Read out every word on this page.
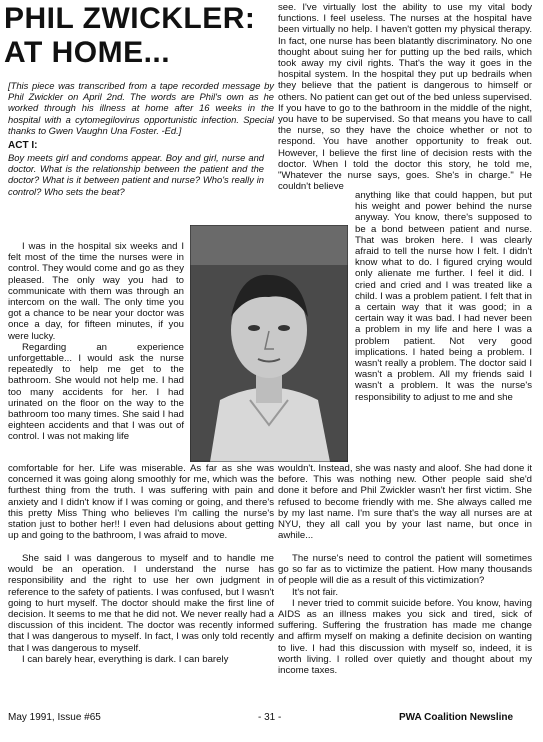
PHIL ZWICKLER:
AT HOME...
[This piece was transcribed from a tape recorded message by Phil Zwickler on April 2nd. The words are Phil's own as he worked through his illness at home after 16 weeks in the hospital with a cytomegilovirus opportunistic infection. Special thanks to Gwen Vaughn Una Foster. -Ed.]
ACT I:
Boy meets girl and condoms appear. Boy and girl, nurse and doctor. What is the relationship between the patient and the doctor? What is it between patient and nurse? Who's really in control? Who sets the beat?

I was in the hospital six weeks and I felt most of the time the nurses were in control. They would come and go as they pleased. The only way you had to communicate with them was through an intercom on the wall. The only time you got a chance to be near your doctor was once a day, for fifteen minutes, if you were lucky.

Regarding an experience unforgettable... I would ask the nurse repeatedly to help me get to the bathroom. She would not help me. I had too many accidents for her. I had urinated on the floor on the way to the bathroom too many times. She said I had eighteen accidents and that I was out of control. I was not making life

see. I've virtually lost the ability to use my vital body functions. I feel useless. The nurses at the hospital have been virtually no help. I haven't gotten my physical therapy. In fact, one nurse has been blatantly discriminatory. No one thought about suing her for putting up the bed rails, which took away my civil rights. That's the way it goes in the hospital system. In the hospital they put up bedrails when they believe that the patient is dangerous to himself or others. No patient can get out of the bed unless supervised. If you have to go to the bathroom in the middle of the night, you have to be supervised. So that means you have to call the nurse, so they have the choice whether or not to respond. You have another opportunity to freak out. However, I believe the first line of decision rests with the doctor. When I told the doctor this story, he told me, "Whatever the nurse says, goes. She's in charge." He couldn't believe

anything like that could happen, but put his weight and power behind the nurse anyway. You know, there's supposed to be a bond between patient and nurse. That was broken here. I was clearly afraid to tell the nurse how I felt. I didn't know what to do. I figured crying would only alienate me further. I feel it did. I cried and cried and I was treated like a child. I was a problem patient. I felt that in a certain way that it was good; in a certain way it was bad. I had never been a problem in my life and here I was a problem patient. Not very good implications. I hated being a problem. I wasn't really a problem. The doctor said I wasn't a problem. All my friends said I wasn't a problem. It was the nurse's responsibility to adjust to me and she

comfortable for her. Life was miserable. As far as she was concerned it was going along smoothly for me, which was the furthest thing from the truth. I was suffering with pain and anxiety and I didn't know if I was coming or going, and there's this pretty Miss Thing who believes I'm calling the nurse's station just to bother her!! I even had delusions about getting up and going to the bathroom, I was afraid to move.

wouldn't. Instead, she was nasty and aloof. She had done it before. This was nothing new. Other people said she'd done it before and Phil Zwickler wasn't her first victim. She refused to become friendly with me. She always called me by my last name. I'm sure that's the way all nurses are at NYU, they all call you by your last name, but once in awhile...

She said I was dangerous to myself and to handle me would be an operation. I understand the nurse has responsibility and the right to use her own judgment in reference to the safety of patients. I was confused, but I wasn't going to hurt myself. The doctor should make the first line of decision. It seems to me that he did not. We never really had a discussion of this incident. The doctor was recently informed that I was dangerous to myself. In fact, I was only told recently that I was dangerous to myself.

I can barely hear, everything is dark. I can barely

The nurse's need to control the patient will sometimes go so far as to victimize the patient. How many thousands of people will die as a result of this victimization?

It's not fair.

I never tried to commit suicide before. You know, having AIDS as an illness makes you sick and tired, sick of suffering. Suffering the frustration has made me change and affirm myself on making a definite decision on wanting to live. I had this discussion with myself so, indeed, it is worth living. I rolled over quietly and thought about my income taxes.

May 1991, Issue #65	- 31 -	PWA Coalition Newsline
